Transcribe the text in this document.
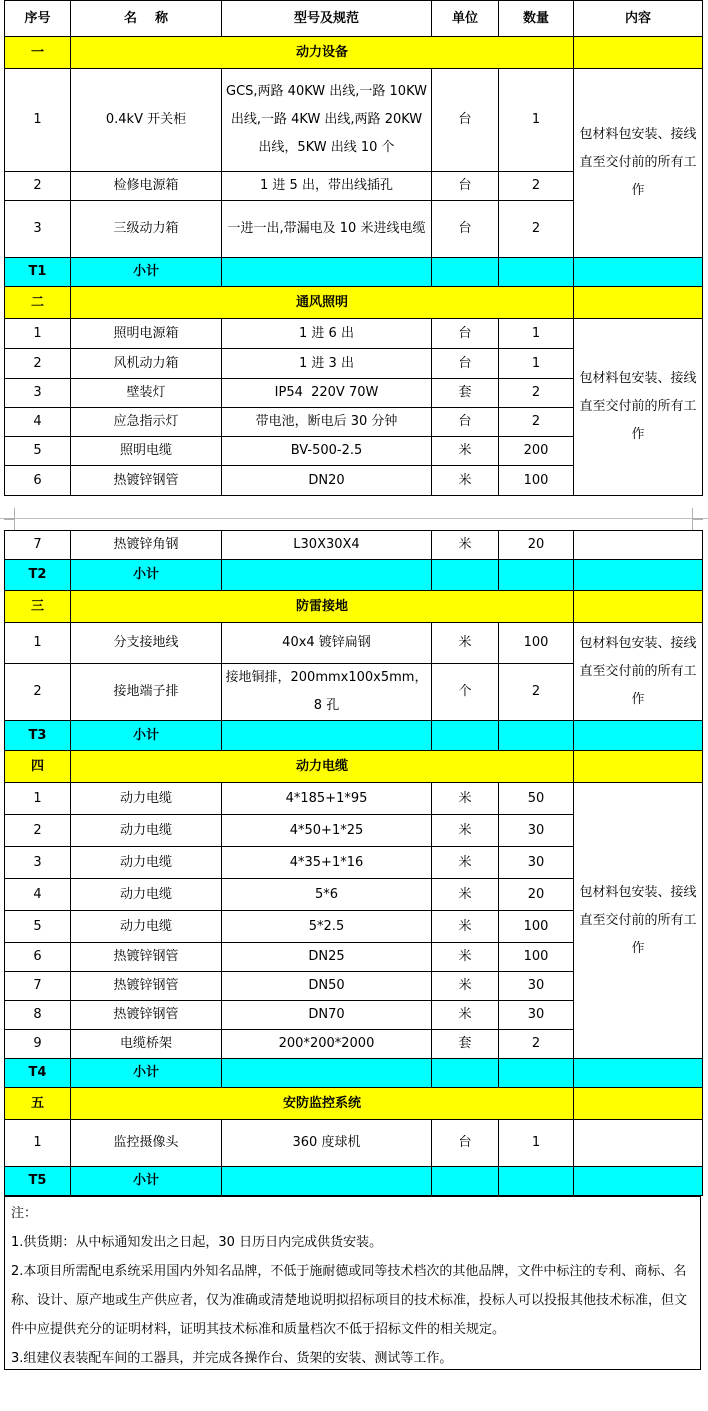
序号	名    称	型号及规范	单位	数量	内容
一	动力设备				
1	0.4kV 开关柜	GCS,两路 40KW 出线,一路 10KW 出线,一路 4KW 出线,两路 20KW 出线，5KW 出线 10 个	台	1	包材料包安装、接线直至交付前的所有工作
2	检修电源箱	1 进 5 出，带出线插孔	台	2	
3	三级动力箱	一进一出,带漏电及 10 米进线电缆	台	2	
T1	小计				
二	通风照明				
1	照明电源箱	1 进 6 出	台	1	包材料包安装、接线直至交付前的所有工作
2	风机动力箱	1 进 3 出	台	1	
3	壁装灯	IP54  220V 70W	套	2	
4	应急指示灯	带电池，断电后 30 分钟	台	2	
5	照明电缆	BV-500-2.5	米	200	
6	热镀锌钢管	DN20	米	100	
7	热镀锌角钢	L30X30X4	米	20	
T2	小计				
三	防雷接地				
1	分支接地线	40x4 镀锌扁钢	米	100	包材料包安装、接线直至交付前的所有工作
2	接地端子排	接地铜排，200mmx100x5mm，8 孔	个	2	
T3	小计				
四	动力电缆				
1	动力电缆	4*185+1*95	米	50	包材料包安装、接线直至交付前的所有工作
2	动力电缆	4*50+1*25	米	30	
3	动力电缆	4*35+1*16	米	30	
4	动力电缆	5*6	米	20	
5	动力电缆	5*2.5	米	100	
6	热镀锌钢管	DN25	米	100	
7	热镀锌钢管	DN50	米	30	
8	热镀锌钢管	DN70	米	30	
9	电缆桥架	200*200*2000	套	2	
T4	小计				
五	安防监控系统				
1	监控摄像头	360 度球机	台	1	
T5	小计				

注：

1.供货期：从中标通知发出之日起，30 日历日内完成供货安装。

2.本项目所需配电系统采用国内外知名品牌，不低于施耐德或同等技术档次的其他品牌，文件中标注的专利、商标、名称、设计、原产地或生产供应者，仅为准确或清楚地说明拟招标项目的技术标准，投标人可以投报其他技术标准，但文件中应提供充分的证明材料，证明其技术标准和质量档次不低于招标文件的相关规定。

3.组建仪表装配车间的工器具，并完成各操作台、货架的安装、测试等工作。
